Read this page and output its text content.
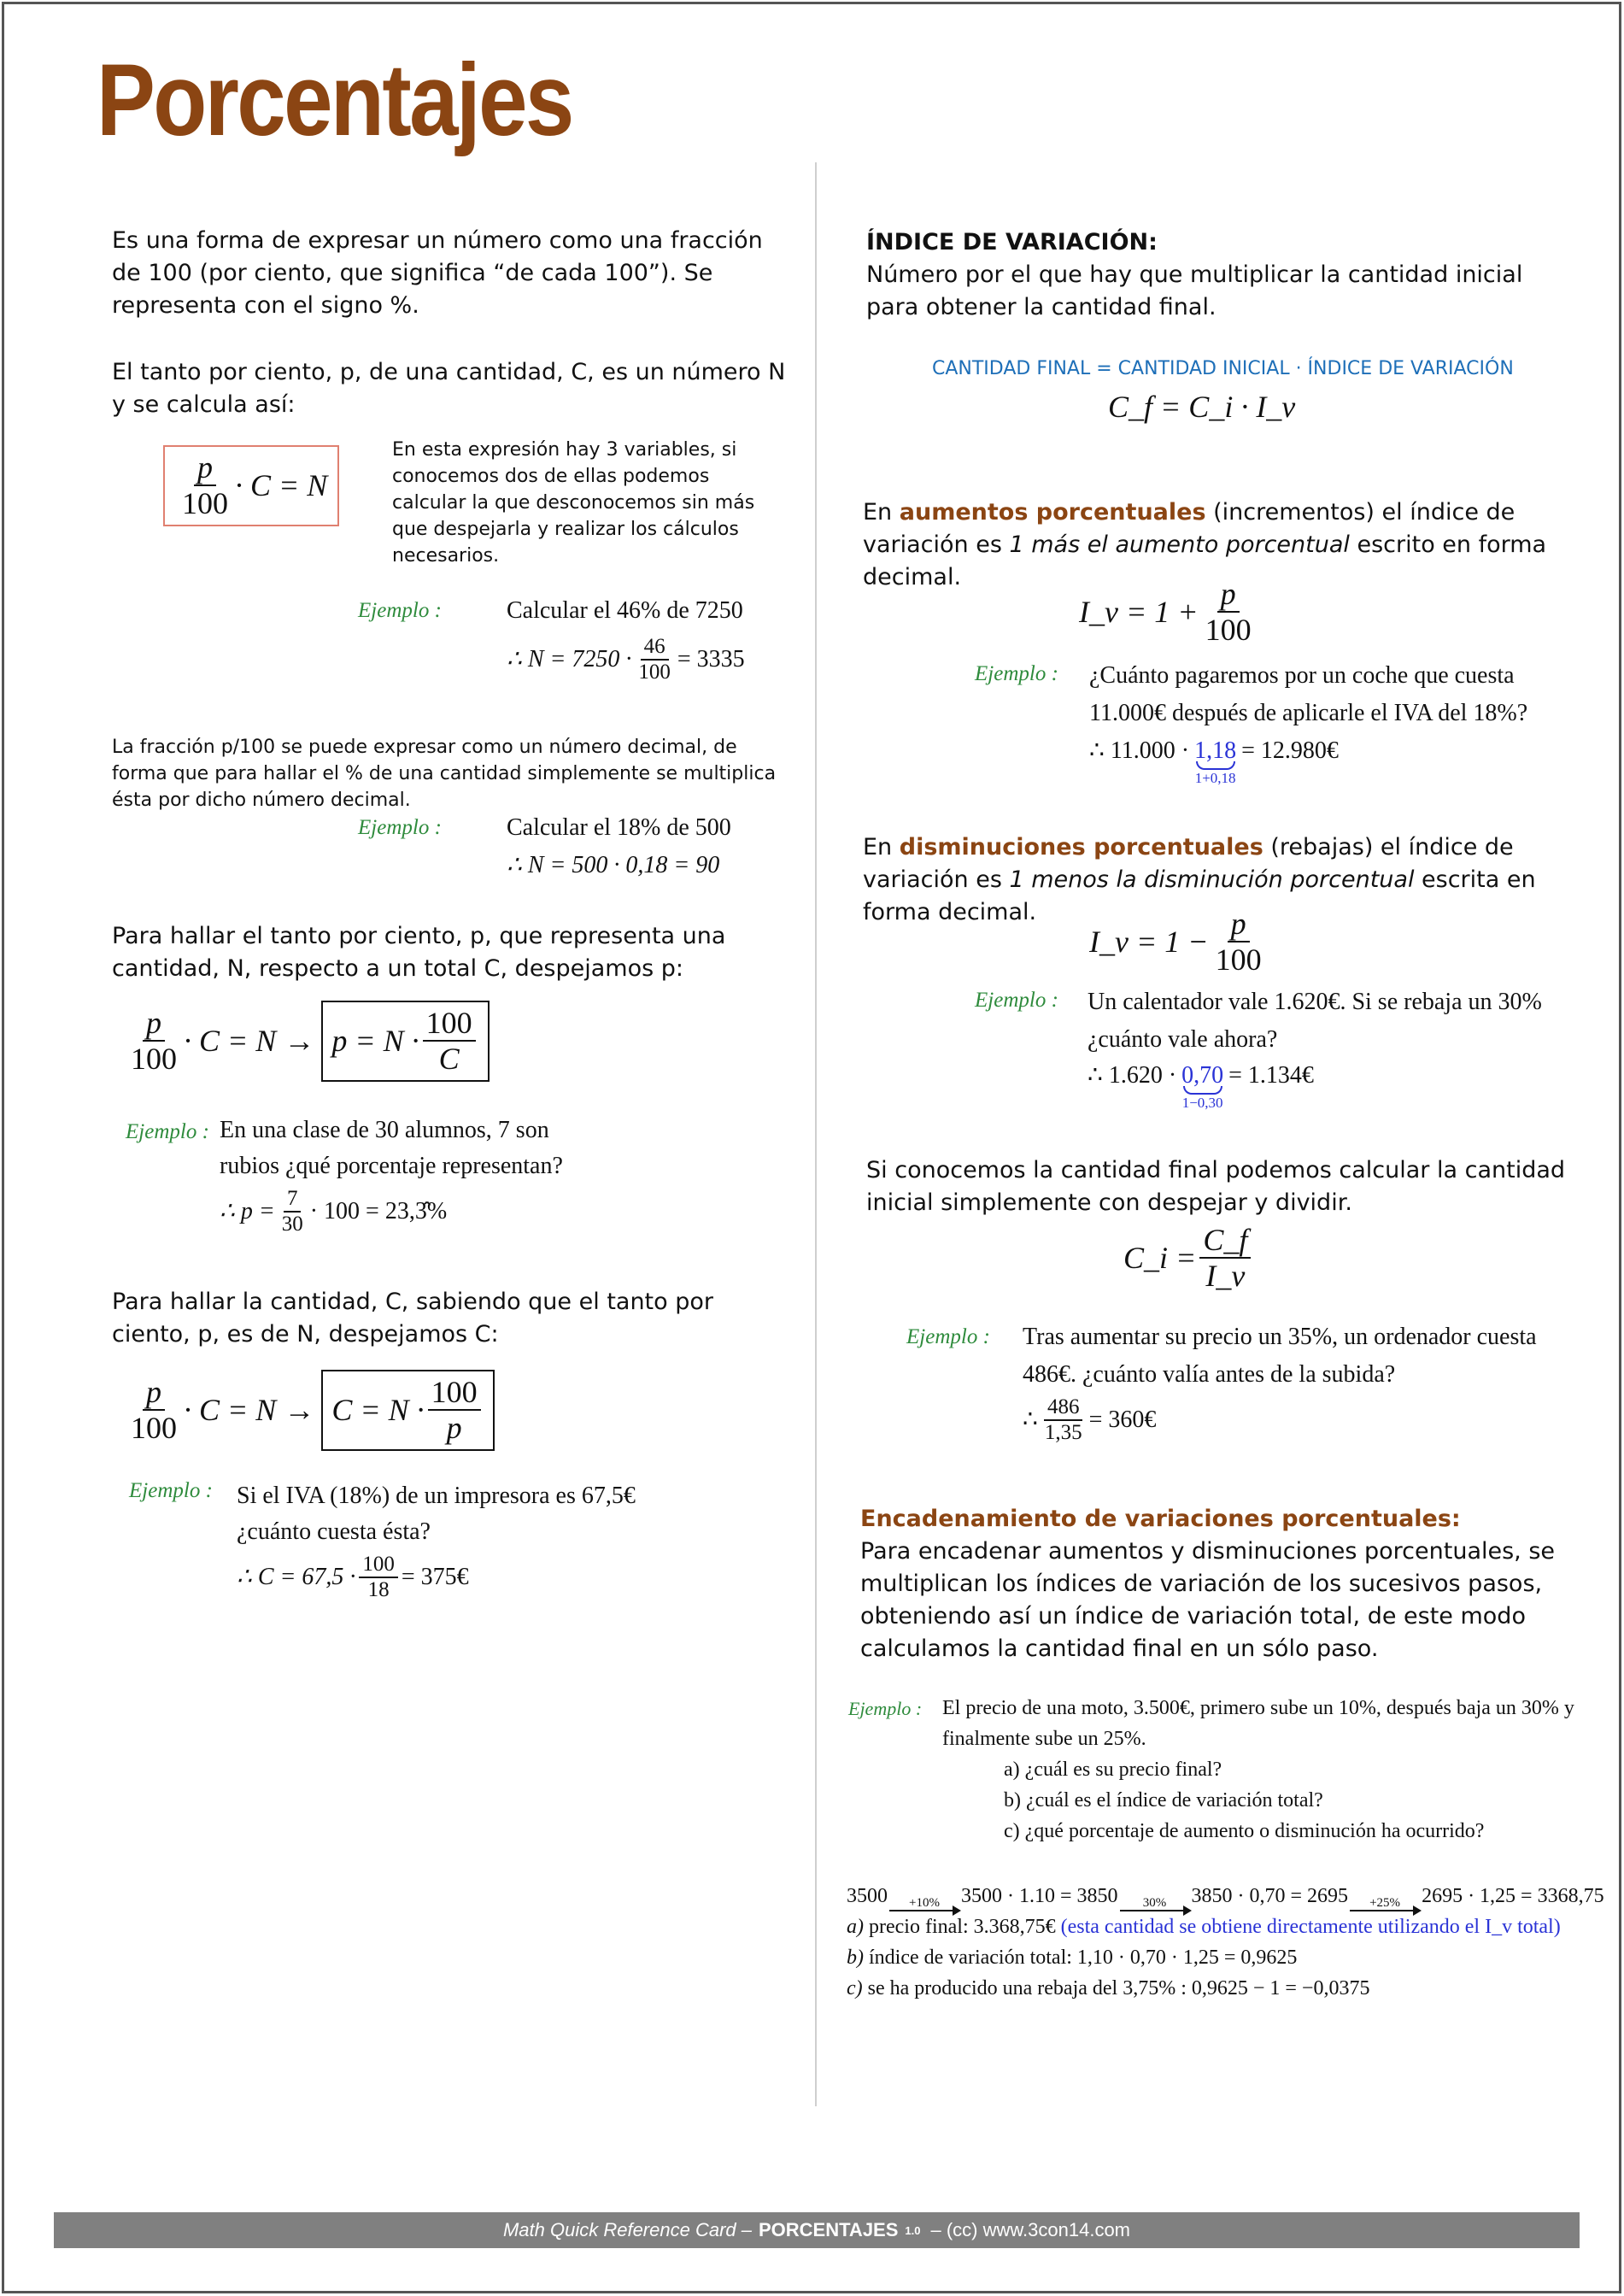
Porcentajes

Es una forma de expresar un número como una fracción de 100 (por ciento, que significa “de cada 100”). Se representa con el signo %.

El tanto por ciento, p, de una cantidad, C, es un número N y se calcula así:

$\frac{p}{100} \cdot C = N$

En esta expresión hay 3 variables, si conocemos dos de ellas podemos calcular la que desconocemos sin más que despejarla y realizar los cálculos necesarios.

Ejemplo :	Calcular el 46% de 7250
∴ $N = 7250 \cdot \frac{46}{100} = 3335$

La fracción p/100 se puede expresar como un número decimal, de forma que para hallar el % de una cantidad simplemente se multiplica ésta por dicho número decimal.

Ejemplo :	Calcular el 18% de 500
∴ N = 500 · 0,18 = 90

Para hallar el tanto por ciento, p, que representa una cantidad, N, respecto a un total C, despejamos p:

$\frac{p}{100} \cdot C = N \to p = N \cdot \frac{100}{C}$
Ejemplo : En una clase de 30 alumnos, 7 son
rubios ¿qué porcentaje representan?
∴ $p = \frac{7}{30} \cdot 100$ = 23,3̂%

Para hallar la cantidad, C, sabiendo que el tanto por ciento, p, es de N, despejamos C:

$\frac{p}{100} \cdot C = N \to C = N \cdot \frac{100}{p}$
Ejemplo : Si el IVA (18%) de un impresora es 67,5€
¿cuánto cuesta ésta?
∴ $C = 67,5 \cdot \frac{100}{18}$ = 375€
ÍNDICE DE VARIACIÓN:

Número por el que hay que multiplicar la cantidad inicial para obtener la cantidad final.

CANTIDAD FINAL = CANTIDAD INICIAL · ÍNDICE DE VARIACIÓN
C_f = C_i · I_v

En aumentos porcentuales (incrementos) el índice de variación es 1 más el aumento porcentual escrito en forma decimal.

I_v = $1 + \frac{p}{100}$
Ejemplo : ¿Cuánto pagaremos por un coche que cuesta
11.000€ después de aplicarle el IVA del 18%?
∴ 11.000 · 1,18
1+0,18
= 12.980€

En disminuciones porcentuales (rebajas) el índice de variación es 1 menos la disminución porcentual escrita en forma decimal.

I_v = $1 - \frac{p}{100}$
Ejemplo : Un calentador vale 1.620€. Si se rebaja un 30%
¿cuánto vale ahora?
∴ 1.620 · 0,70
1−0,30
= 1.134€

Si conocemos la cantidad final podemos calcular la cantidad inicial simplemente con despejar y dividir.

C_i = $\frac{C\_f}{I\_v}$
Ejemplo : Tras aumentar su precio un 35%, un ordenador cuesta
486€. ¿cuánto valía antes de la subida?
∴ $\frac{486}{1,35}$ = 360€
Encadenamiento de variaciones porcentuales:

Para encadenar aumentos y disminuciones porcentuales, se multiplican los índices de variación de los sucesivos pasos, obteniendo así un índice de variación total, de este modo calculamos la cantidad final en un sólo paso.

Ejemplo : El precio de una moto, 3.500€, primero sube un 10%, después baja un 30% y
finalmente sube un 25%.
a) ¿cuál es su precio final?
b) ¿cuál es el índice de variación total?
c) ¿qué porcentaje de aumento o disminución ha ocurrido?
3500 +10% 3500 · 1.10 = 3850 30% 3850 · 0,70 = 2695 +25% 2695 · 1,25 = 3368,75
a) precio final: 3.368,75€ (esta cantidad se obtiene directamente utilizando el I_v total)
b) índice de variación total: 1,10 · 0,70 · 1,25 = 0,9625
c) se ha producido una rebaja del 3,75% : 0,9625 − 1 = −0,0375
Math Quick Reference Card – PORCENTAJES 1.0 – (cc) www.3con14.com
